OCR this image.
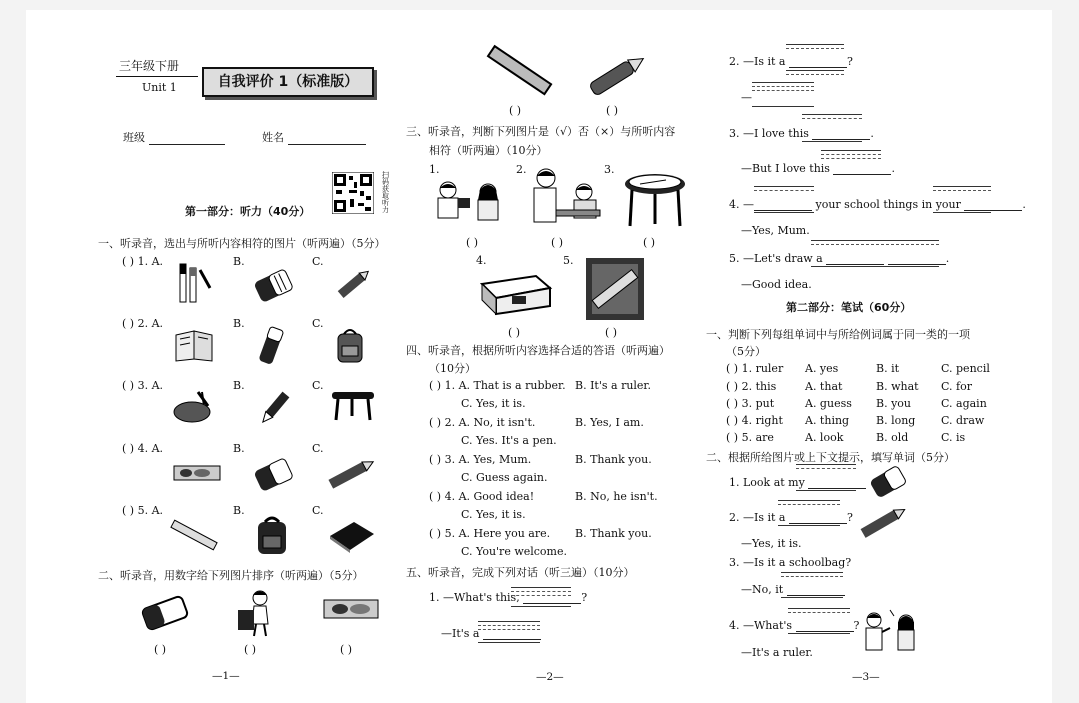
三年级下册
Unit 1	自我评价 1（标准版）
班级	姓名
扫码获取听力
第一部分：听力（40分）
一、听录音，选出与所听内容相符的图片（听两遍）（5分）
( ) 1. A.	B.	C.
( ) 2. A.	B.	C.
( ) 3. A.	B.	C.
( ) 4. A.	B.	C.
( ) 5. A.	B.	C.
二、听录音，用数字给下列图片排序（听两遍）（5分）
( )	( )	( )
—1—
( )	( )
三、听录音，判断下列图片是（√）否（×）与所听内容
相符（听两遍）（10分）
1.	2.	3.
( )	( )	( )
4.	5.
( )	( )
四、听录音，根据所听内容选择合适的答语（听两遍）
（10分）
( ) 1. A. That is a rubber. B. It's a ruler.
C. Yes, it is.
( ) 2. A. No, it isn't.	B. Yes, I am.
C. Yes. It's a pen.
( ) 3. A. Yes, Mum.	B. Thank you.
C. Guess again.
( ) 4. A. Good idea!	B. No, he isn't.
C. Yes, it is.
( ) 5. A. Here you are. B. Thank you.
C. You're welcome.
五、听录音，完成下列对话（听三遍）（10分）
1. —What's this,	?
—It's a
—2—
2. —Is it a	?
—
3. —I love this	.
—But I love this	.
4. —	your school things in your	.
—Yes, Mum.
5. —Let's draw a	.
—Good idea.
第二部分：笔试（60分）
一、判断下列每组单词中与所给例词属于同一类的一项
（5分）
( ) 1. ruler A. yes	B. it	C. pencil
( ) 2. this	A. that	B. what C. for
( ) 3. put	A. guess B. you	C. again
( ) 4. right A. thing B. long C. draw
( ) 5. are	A. look	B. old	C. is
二、根据所给图片或上下文提示，填写单词（5分）
1. Look at my
2. —Is it a	?
—Yes, it is.
3. —Is it a schoolbag?
—No, it
4. —What's	?
—It's a ruler.
—3—
